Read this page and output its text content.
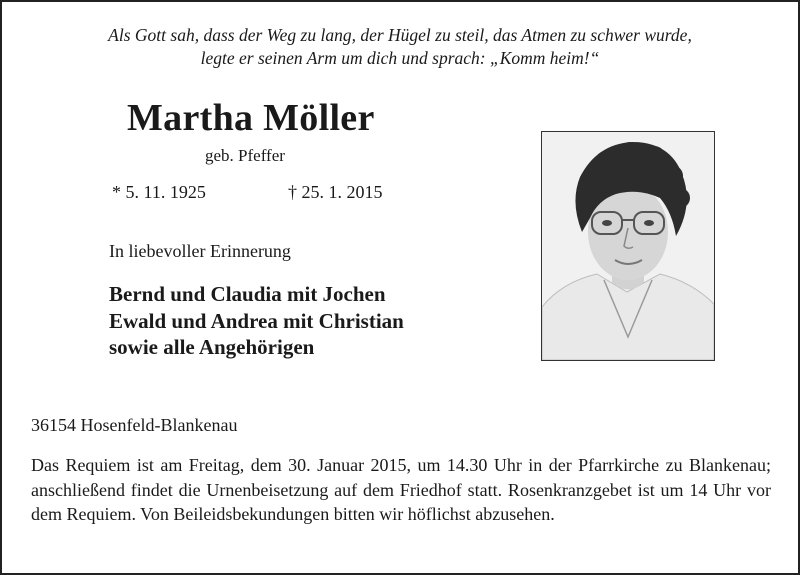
Als Gott sah, dass der Weg zu lang, der Hügel zu steil, das Atmen zu schwer wurde,
legte er seinen Arm um dich und sprach: „Komm heim!“
Martha Möller
geb. Pfeffer
* 5. 11. 1925	† 25. 1. 2015
In liebevoller Erinnerung
Bernd und Claudia mit Jochen
Ewald und Andrea mit Christian
sowie alle Angehörigen
36154 Hosenfeld-Blankenau
Das Requiem ist am Freitag, dem 30. Januar 2015, um 14.30 Uhr in der Pfarrkirche zu Blankenau; anschließend findet die Urnenbeisetzung auf dem Friedhof statt. Rosenkranzgebet ist um 14 Uhr vor dem Requiem. Von Beileidsbekundungen bitten wir höflichst abzusehen.
